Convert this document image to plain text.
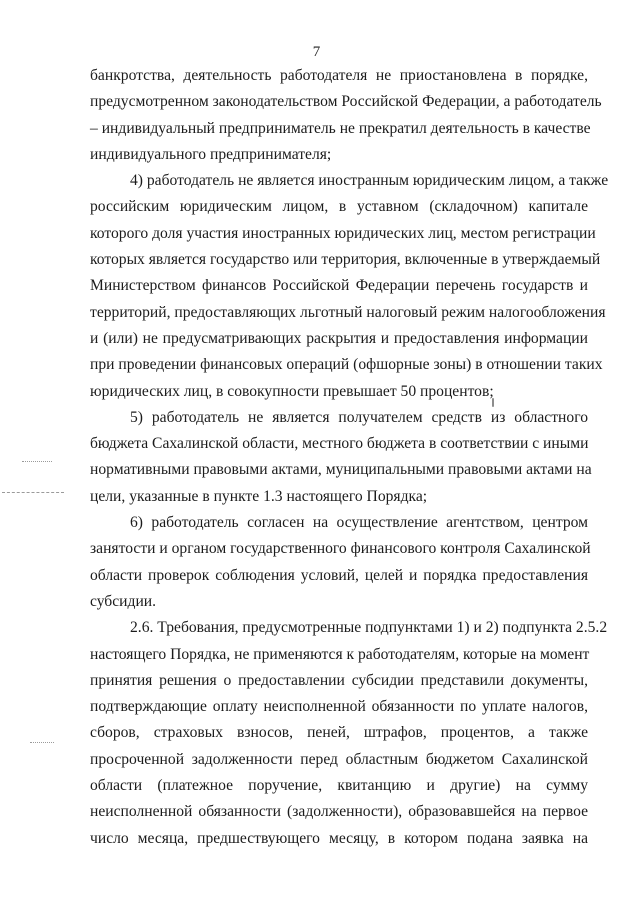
7
банкротства, деятельность работодателя не приостановлена в порядке,
предусмотренном законодательством Российской Федерации, а работодатель
– индивидуальный предприниматель не прекратил деятельность в качестве
индивидуального предпринимателя;
4) работодатель не является иностранным юридическим лицом, а также
российским юридическим лицом, в уставном (складочном) капитале
которого доля участия иностранных юридических лиц, местом регистрации
которых является государство или территория, включенные в утверждаемый
Министерством финансов Российской Федерации перечень государств и
территорий, предоставляющих льготный налоговый режим налогообложения
и (или) не предусматривающих раскрытия и предоставления информации
при проведении финансовых операций (офшорные зоны) в отношении таких
юридических лиц, в совокупности превышает 50 процентов;
5) работодатель не является получателем средств из областного
бюджета Сахалинской области, местного бюджета в соответствии с иными
нормативными правовыми актами, муниципальными правовыми актами на
цели, указанные в пункте 1.3 настоящего Порядка;
6) работодатель согласен на осуществление агентством, центром
занятости и органом государственного финансового контроля Сахалинской
области проверок соблюдения условий, целей и порядка предоставления
субсидии.
2.6. Требования, предусмотренные подпунктами 1) и 2) подпункта 2.5.2
настоящего Порядка, не применяются к работодателям, которые на момент
принятия решения о предоставлении субсидии представили документы,
подтверждающие оплату неисполненной обязанности по уплате налогов,
сборов, страховых взносов, пеней, штрафов, процентов, а также
просроченной задолженности перед областным бюджетом Сахалинской
области (платежное поручение, квитанцию и другие) на сумму
неисполненной обязанности (задолженности), образовавшейся на первое
число месяца, предшествующего месяцу, в котором подана заявка на
